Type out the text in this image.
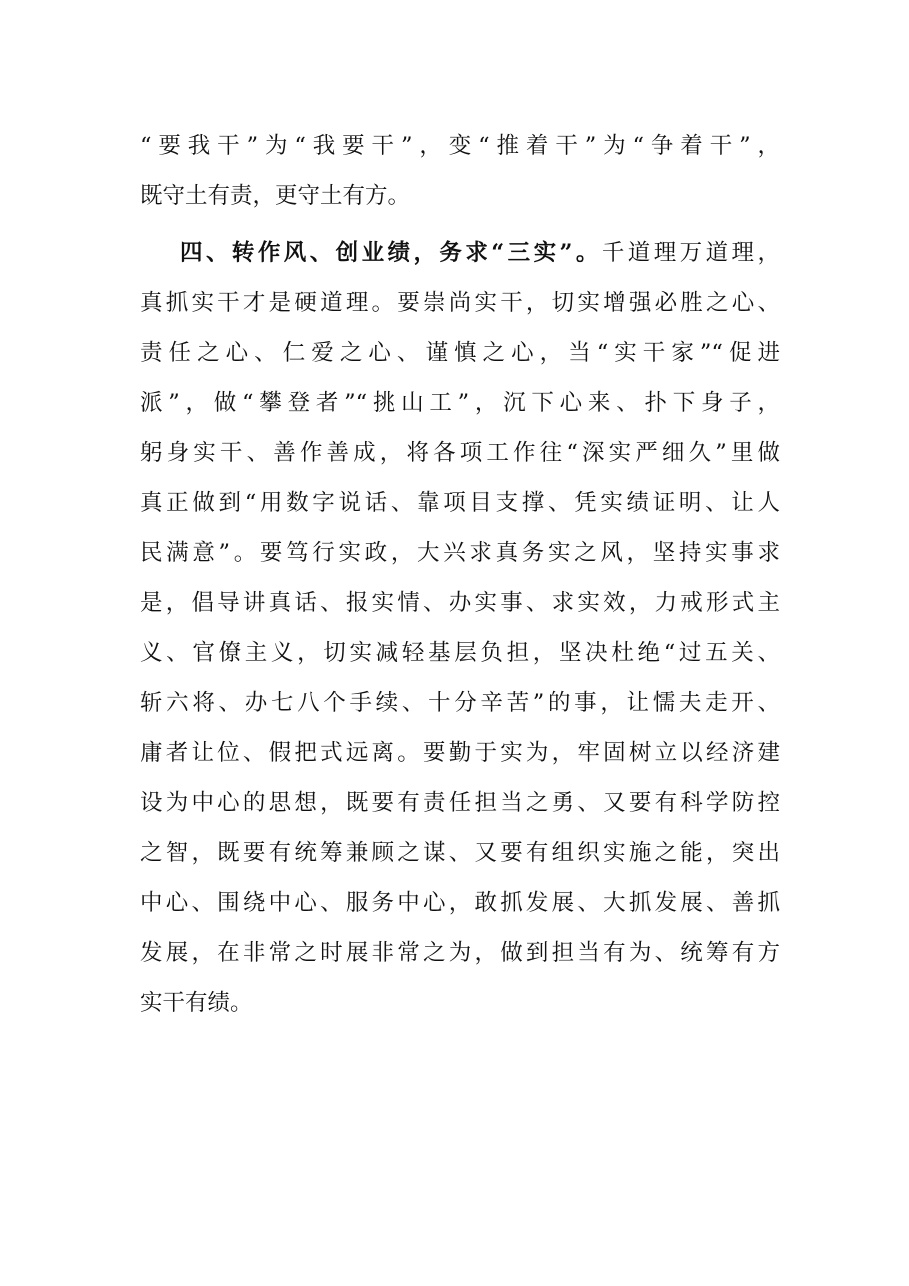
“要我干”为“我要干”，变“推着干”为“争着干”，

既守土有责，更守土有方。

四、转作风、创业绩，务求“三实”。千道理万道理，

真抓实干才是硬道理。要崇尚实干，切实增强必胜之心、

责任之心、仁爱之心、谨慎之心，当“实干家”“促进

派”，做“攀登者”“挑山工”，沉下心来、扑下身子，

躬身实干、善作善成，将各项工作往“深实严细久”里做

真正做到“用数字说话、靠项目支撑、凭实绩证明、让人

民满意”。要笃行实政，大兴求真务实之风，坚持实事求

是，倡导讲真话、报实情、办实事、求实效，力戒形式主

义、官僚主义，切实减轻基层负担，坚决杜绝“过五关、

斩六将、办七八个手续、十分辛苦”的事，让懦夫走开、

庸者让位、假把式远离。要勤于实为，牢固树立以经济建

设为中心的思想，既要有责任担当之勇、又要有科学防控

之智，既要有统筹兼顾之谋、又要有组织实施之能，突出

中心、围绕中心、服务中心，敢抓发展、大抓发展、善抓

发展，在非常之时展非常之为，做到担当有为、统筹有方

实干有绩。
